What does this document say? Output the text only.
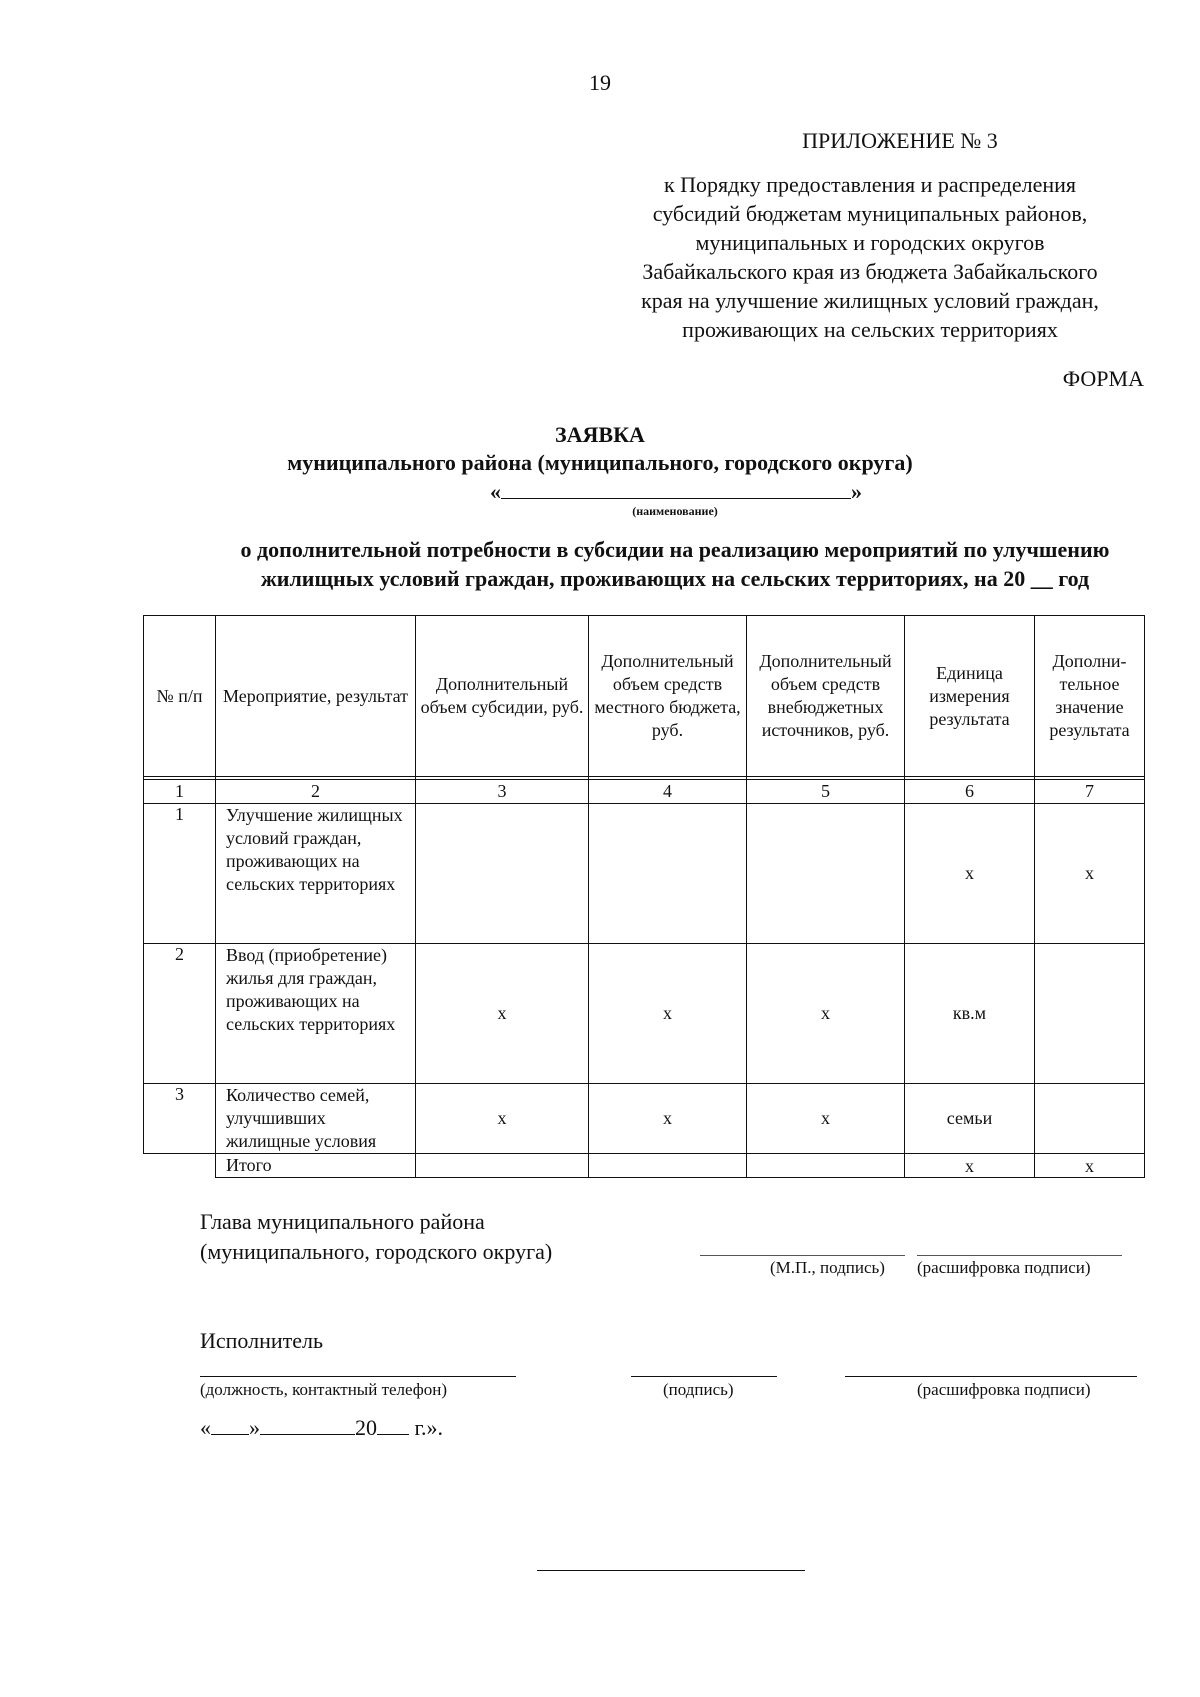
19
ПРИЛОЖЕНИЕ № 3
к Порядку предоставления и распределения
субсидий бюджетам муниципальных районов,
муниципальных и городских округов
Забайкальского края из бюджета Забайкальского
края на улучшение жилищных условий граждан,
проживающих на сельских территориях
ФОРМА
ЗАЯВКА
муниципального района (муниципального, городского округа)
«	»
(наименование)
о дополнительной потребности в субсидии на реализацию мероприятий по улучшению
жилищных условий граждан, проживающих на сельских территориях, на 20 __ год
№ п/п	Мероприятие, результат	Дополнительный объем субсидии, руб.	Дополнительный объем средств местного бюджета, руб.	Дополнительный объем средств внебюджетных источников, руб.	Единица измерения результата	Дополни-тельное значение результата

1	2	3	4	5	6	7
1	Улучшение жилищных условий граждан, проживающих на сельских территориях				х	х
2	Ввод (приобретение) жилья для граждан, проживающих на сельских территориях	х	х	х	кв.м	
3	Количество семей, улучшивших жилищные условия	х	х	х	семьи	
	Итого				х	х
Глава муниципального района
(муниципального, городского округа)
(М.П., подпись) (расшифровка подписи)
Исполнитель
(должность, контактный телефон)	(подпись)	(расшифровка подписи)
« »	20 г.».
